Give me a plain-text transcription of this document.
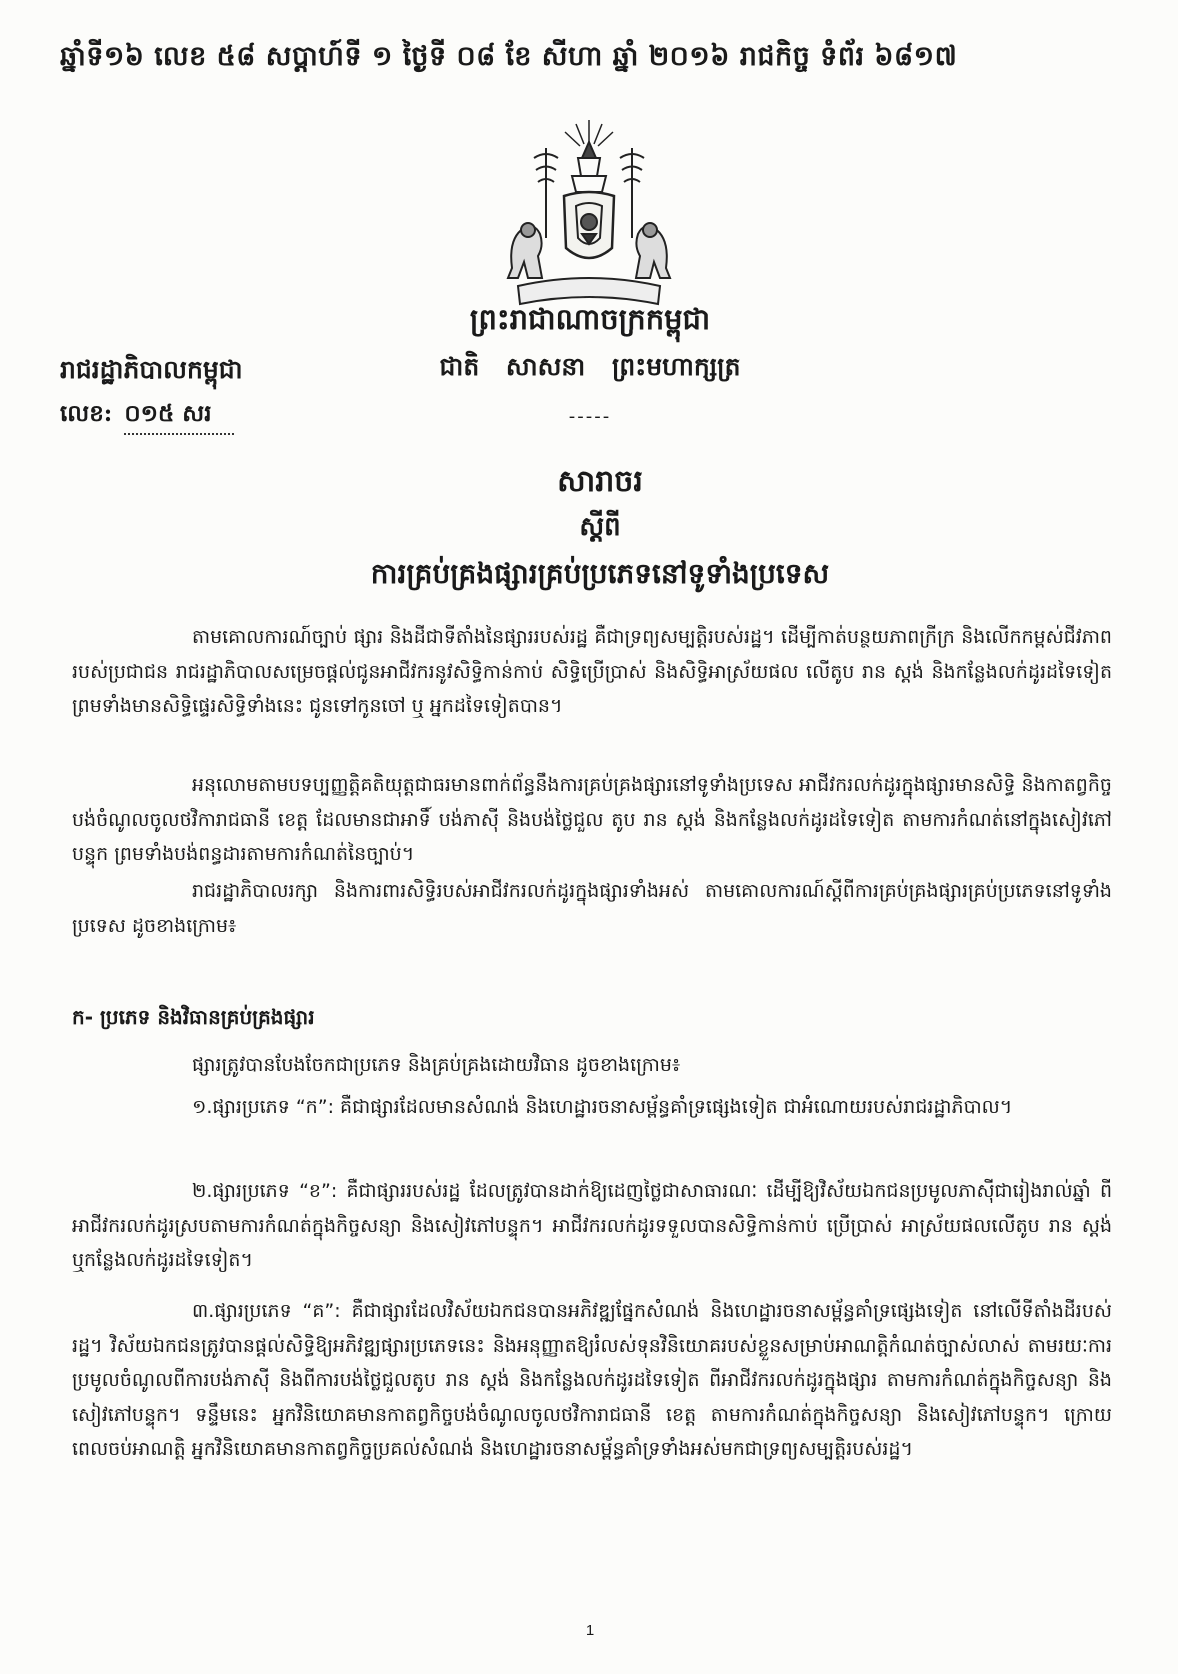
ឆ្នាំទី១៦ លេខ ៥៨ សប្តាហ៍ទី ១ ថ្ងៃទី ០៨ ខែ សីហា ឆ្នាំ ២០១៦ រាជកិច្ច ទំព័រ ៦៨១៧
~~~
ព្រះរាជាណាចក្រកម្ពុជា
ជាតិ សាសនា ព្រះមហាក្សត្រ
-----
រាជរដ្ឋាភិបាលកម្ពុជា
លេខ: ០១៥ សរ
សារាចរ
ស្តីពី
ការគ្រប់គ្រងផ្សារគ្រប់ប្រភេទនៅទូទាំងប្រទេស

តាមគោលការណ៍ច្បាប់ ផ្សារ និងដីជាទីតាំងនៃផ្សាររបស់រដ្ឋ គឺជាទ្រព្យសម្បត្តិរបស់រដ្ឋ។ ដើម្បីកាត់បន្ថយភាពក្រីក្រ និងលើកកម្ពស់ជីវភាពរបស់ប្រជាជន រាជរដ្ឋាភិបាលសម្រេចផ្តល់ជូនអាជីវករនូវសិទ្ធិកាន់កាប់ សិទ្ធិប្រើប្រាស់ និងសិទ្ធិអាស្រ័យផល លើតូប រាន ស្តង់ និងកន្លែងលក់ដូរដទៃទៀត ព្រមទាំងមានសិទ្ធិផ្ទេរសិទ្ធិទាំងនេះ ជូនទៅកូនចៅ ឬ អ្នកដទៃទៀតបាន។

អនុលោមតាមបទប្បញ្ញត្តិគតិយុត្តជាធរមានពាក់ព័ន្ធនឹងការគ្រប់គ្រងផ្សារនៅទូទាំងប្រទេស អាជីវករលក់ដូរក្នុងផ្សារមានសិទ្ធិ និងកាតព្វកិច្ចបង់ចំណូលចូលថវិការាជធានី ខេត្ត ដែលមានជាអាទិ៍ បង់ភាស៊ី និងបង់ថ្លៃជួល តូប រាន ស្តង់ និងកន្លែងលក់ដូរដទៃទៀត តាមការកំណត់នៅក្នុងសៀវភៅបន្ទុក ព្រមទាំងបង់ពន្ធដារតាមការកំណត់នៃច្បាប់។

រាជរដ្ឋាភិបាលរក្សា និងការពារសិទ្ធិរបស់អាជីវករលក់ដូរក្នុងផ្សារទាំងអស់ តាមគោលការណ៍ស្តីពីការគ្រប់គ្រងផ្សារគ្រប់ប្រភេទនៅទូទាំងប្រទេស ដូចខាងក្រោម៖

ក- ប្រភេទ និងវិធានគ្រប់គ្រងផ្សារ

ផ្សារត្រូវបានបែងចែកជាប្រភេទ និងគ្រប់គ្រងដោយវិធាន ដូចខាងក្រោម៖

១.ផ្សារប្រភេទ “ក”: គឺជាផ្សារដែលមានសំណង់ និងហេដ្ឋារចនាសម្ព័ន្ធគាំទ្រផ្សេងទៀត ជាអំណោយរបស់រាជរដ្ឋាភិបាល។

២.ផ្សារប្រភេទ “ខ”: គឺជាផ្សាររបស់រដ្ឋ ដែលត្រូវបានដាក់ឱ្យដេញថ្លៃជាសាធារណៈ ដើម្បីឱ្យវិស័យឯកជនប្រមូលភាស៊ីជារៀងរាល់ឆ្នាំ ពីអាជីវករលក់ដូរស្របតាមការកំណត់ក្នុងកិច្ចសន្យា និងសៀវភៅបន្ទុក។ អាជីវករលក់ដូរទទួលបានសិទ្ធិកាន់កាប់ ប្រើប្រាស់ អាស្រ័យផលលើតូប រាន ស្តង់ ឬកន្លែងលក់ដូរដទៃទៀត។

៣.ផ្សារប្រភេទ “គ”: គឺជាផ្សារដែលវិស័យឯកជនបានអភិវឌ្ឍផ្នែកសំណង់ និងហេដ្ឋារចនាសម្ព័ន្ធគាំទ្រផ្សេងទៀត នៅលើទីតាំងដីរបស់រដ្ឋ។ វិស័យឯកជនត្រូវបានផ្តល់សិទ្ធិឱ្យអភិវឌ្ឍផ្សារប្រភេទនេះ និងអនុញ្ញាតឱ្យរំលស់ទុនវិនិយោគរបស់ខ្លួនសម្រាប់អាណត្តិកំណត់ច្បាស់លាស់ តាមរយៈការប្រមូលចំណូលពីការបង់ភាស៊ី និងពីការបង់ថ្លៃជួលតូប រាន ស្តង់ និងកន្លែងលក់ដូរដទៃទៀត ពីអាជីវករលក់ដូរក្នុងផ្សារ តាមការកំណត់ក្នុងកិច្ចសន្យា និងសៀវភៅបន្ទុក។ ទន្ទឹមនេះ អ្នកវិនិយោគមានកាតព្វកិច្ចបង់ចំណូលចូលថវិការាជធានី ខេត្ត តាមការកំណត់ក្នុងកិច្ចសន្យា និងសៀវភៅបន្ទុក។ ក្រោយពេលចប់អាណត្តិ អ្នកវិនិយោគមានកាតព្វកិច្ចប្រគល់សំណង់ និងហេដ្ឋារចនាសម្ព័ន្ធគាំទ្រទាំងអស់មកជាទ្រព្យសម្បត្តិរបស់រដ្ឋ។

1
